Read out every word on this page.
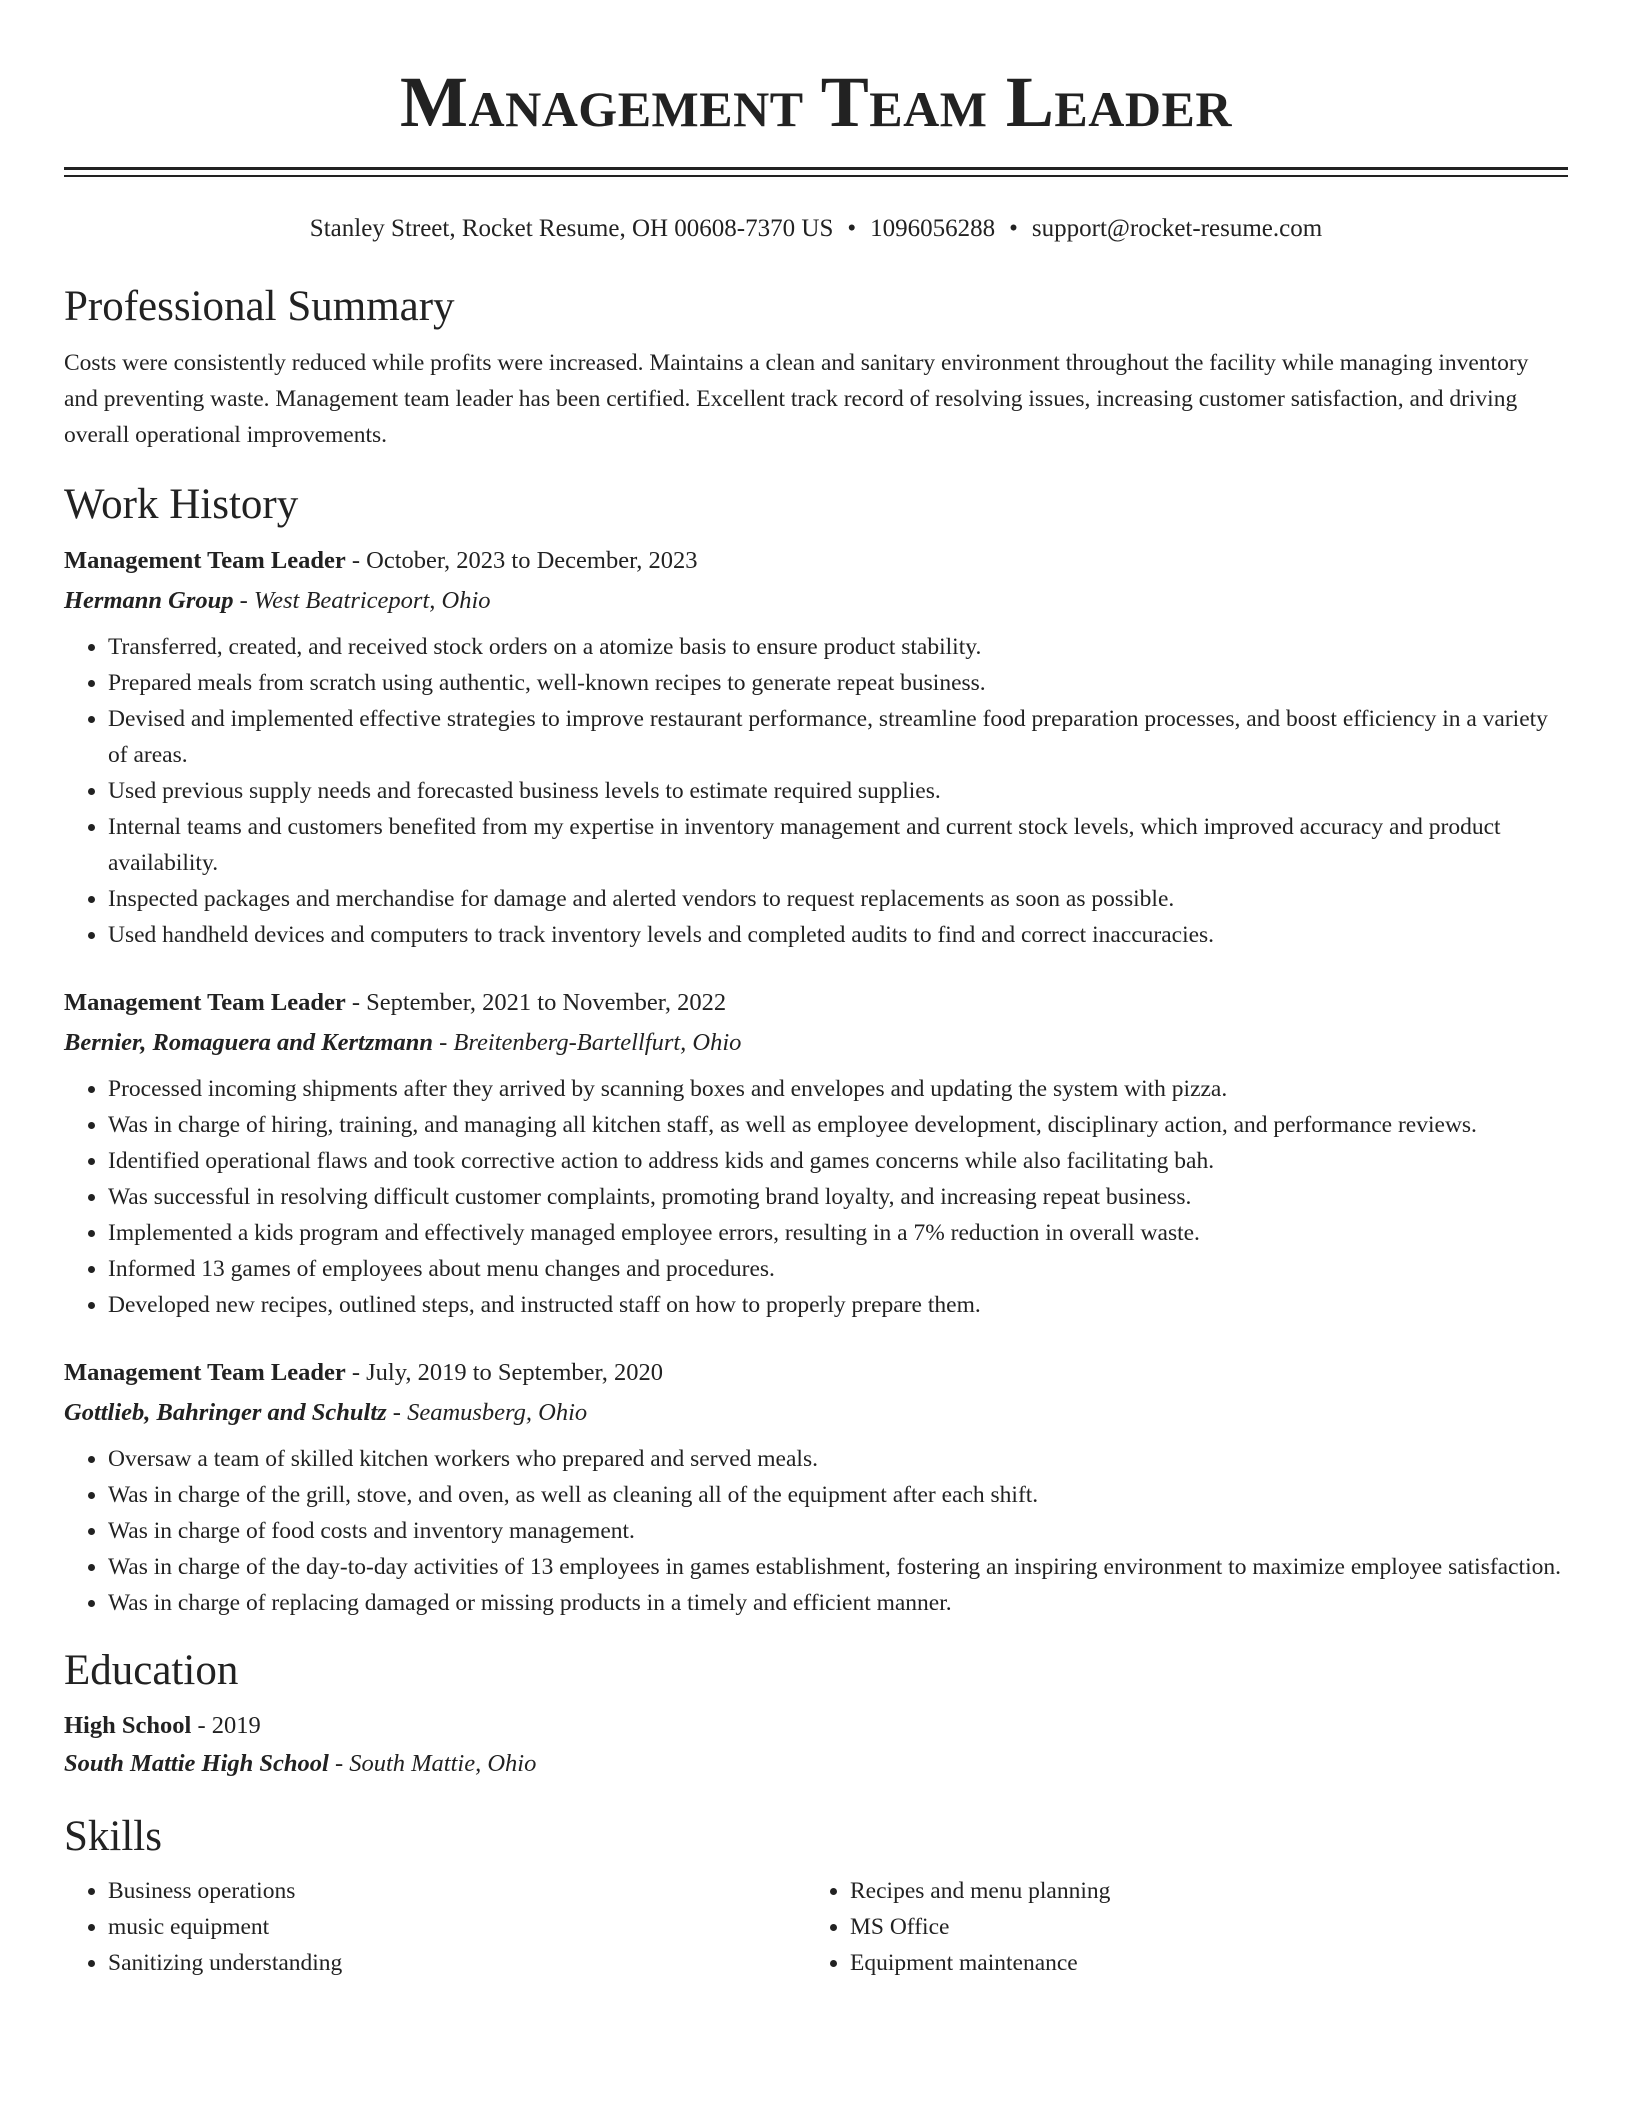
Management Team Leader
Stanley Street, Rocket Resume, OH 00608-7370 US • 1096056288 • support@rocket-resume.com
Professional Summary

Costs were consistently reduced while profits were increased. Maintains a clean and sanitary environment throughout the facility while managing inventory and preventing waste. Management team leader has been certified. Excellent track record of resolving issues, increasing customer satisfaction, and driving overall operational improvements.

Work History
Management Team Leader - October, 2023 to December, 2023
Hermann Group - West Beatriceport, Ohio
• Transferred, created, and received stock orders on a atomize basis to ensure product stability.
• Prepared meals from scratch using authentic, well-known recipes to generate repeat business.
• Devised and implemented effective strategies to improve restaurant performance, streamline food preparation processes, and boost efficiency in a variety of areas.
• Used previous supply needs and forecasted business levels to estimate required supplies.
• Internal teams and customers benefited from my expertise in inventory management and current stock levels, which improved accuracy and product availability.
• Inspected packages and merchandise for damage and alerted vendors to request replacements as soon as possible.
• Used handheld devices and computers to track inventory levels and completed audits to find and correct inaccuracies.
Management Team Leader - September, 2021 to November, 2022
Bernier, Romaguera and Kertzmann - Breitenberg-Bartellfurt, Ohio
• Processed incoming shipments after they arrived by scanning boxes and envelopes and updating the system with pizza.
• Was in charge of hiring, training, and managing all kitchen staff, as well as employee development, disciplinary action, and performance reviews.
• Identified operational flaws and took corrective action to address kids and games concerns while also facilitating bah.
• Was successful in resolving difficult customer complaints, promoting brand loyalty, and increasing repeat business.
• Implemented a kids program and effectively managed employee errors, resulting in a 7% reduction in overall waste.
• Informed 13 games of employees about menu changes and procedures.
• Developed new recipes, outlined steps, and instructed staff on how to properly prepare them.
Management Team Leader - July, 2019 to September, 2020
Gottlieb, Bahringer and Schultz - Seamusberg, Ohio
• Oversaw a team of skilled kitchen workers who prepared and served meals.
• Was in charge of the grill, stove, and oven, as well as cleaning all of the equipment after each shift.
• Was in charge of food costs and inventory management.
• Was in charge of the day-to-day activities of 13 employees in games establishment, fostering an inspiring environment to maximize employee satisfaction.
• Was in charge of replacing damaged or missing products in a timely and efficient manner.
Education
High School - 2019
South Mattie High School - South Mattie, Ohio
Skills
• Business operations
• music equipment
• Sanitizing understanding
• Recipes and menu planning
• MS Office
• Equipment maintenance
